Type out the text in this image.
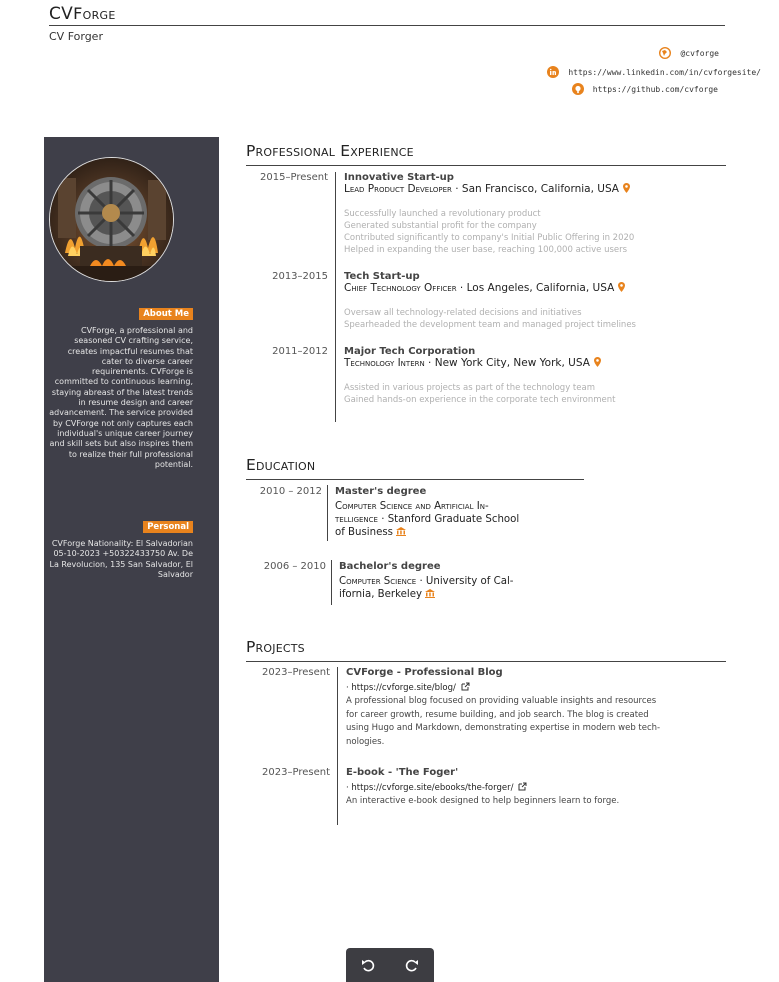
CVForge
CV Forger
@cvforge
https://www.linkedin.com/in/cvforgesite/
https://github.com/cvforge
About Me
CVForge, a professional and seasoned CV crafting service, creates impactful resumes that cater to diverse career requirements. CVForge is committed to continuous learning, staying abreast of the latest trends in resume design and career advancement. The service provided by CVForge not only captures each individual's unique career journey and skill sets but also inspires them to realize their full professional potential.
Personal
CVForge Nationality: El Salvadorian 05-10-2023 +50322433750 Av. De La Revolucion, 135 San Salvador, El Salvador
Professional Experience
2015–Present Innovative Start-up
Lead Product Developer · San Francisco, California, USA
Successfully launched a revolutionary product
Generated substantial profit for the company
Contributed significantly to company's Initial Public Offering in 2020
Helped in expanding the user base, reaching 100,000 active users
2013–2015 Tech Start-up
Chief Technology Officer · Los Angeles, California, USA
Oversaw all technology-related decisions and initiatives
Spearheaded the development team and managed project timelines
2011–2012 Major Tech Corporation
Technology Intern · New York City, New York, USA
Assisted in various projects as part of the technology team
Gained hands-on experience in the corporate tech environment
Education
2010 – 2012 Master's degree
Computer Science and Artificial In-
telligence · Stanford Graduate School
of Business
2006 – 2010 Bachelor's degree
Computer Science · University of Cal-
ifornia, Berkeley
Projects
2023–Present CVForge - Professional Blog
· https://cvforge.site/blog/
A professional blog focused on providing valuable insights and resources
for career growth, resume building, and job search. The blog is created
using Hugo and Markdown, demonstrating expertise in modern web tech-
nologies.
2023–Present E-book - 'The Foger'
· https://cvforge.site/ebooks/the-forger/
An interactive e-book designed to help beginners learn to forge.
